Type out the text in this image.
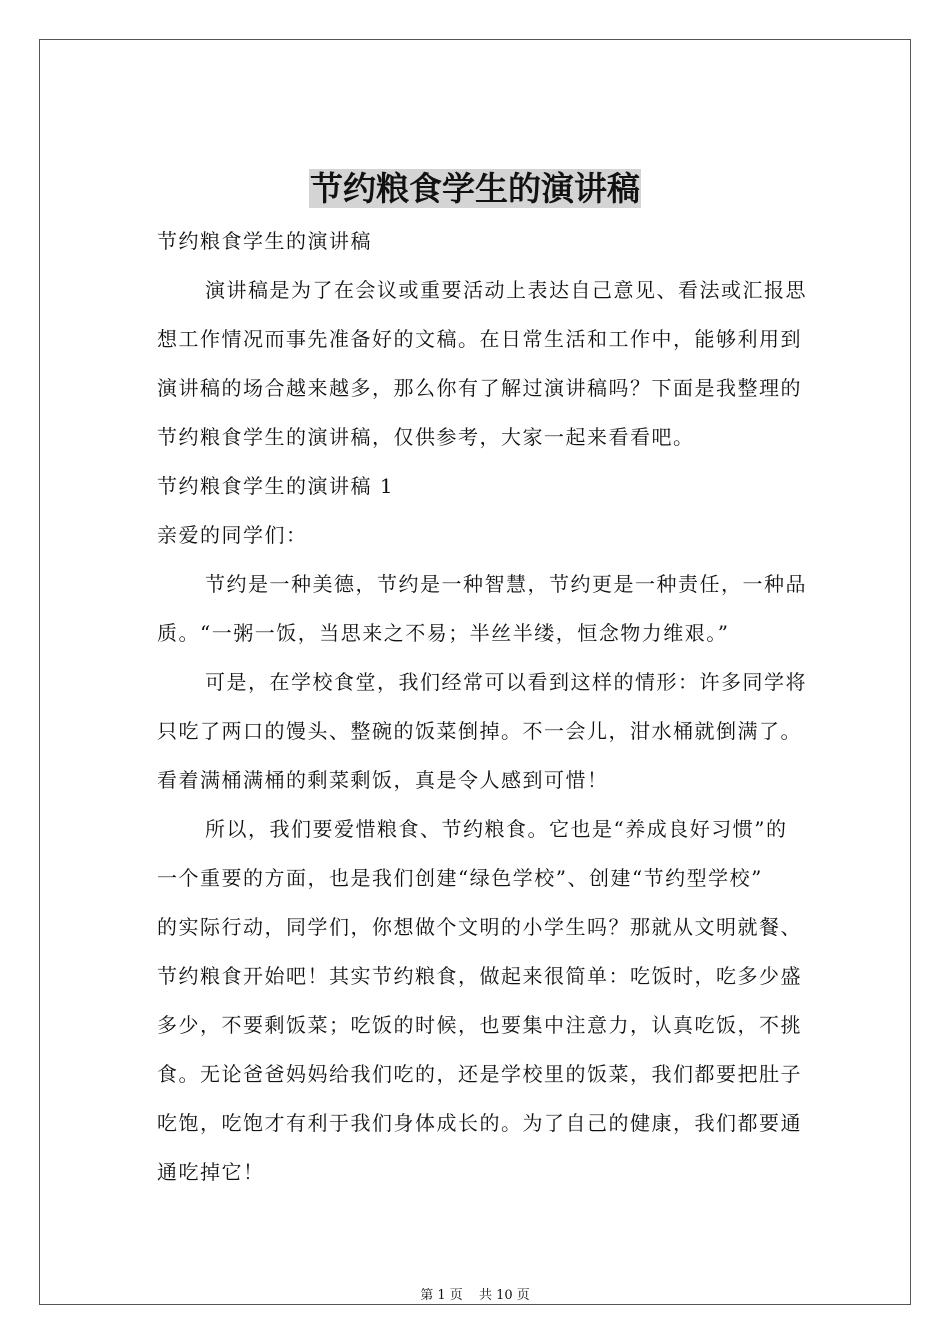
节约粮食学生的演讲稿
节约粮食学生的演讲稿
演讲稿是为了在会议或重要活动上表达自己意见、看法或汇报思
想工作情况而事先准备好的文稿。在日常生活和工作中，能够利用到
演讲稿的场合越来越多，那么你有了解过演讲稿吗？下面是我整理的
节约粮食学生的演讲稿，仅供参考，大家一起来看看吧。
节约粮食学生的演讲稿 1
亲爱的同学们：
节约是一种美德，节约是一种智慧，节约更是一种责任，一种品
质。“一粥一饭，当思来之不易；半丝半缕，恒念物力维艰。”
可是，在学校食堂，我们经常可以看到这样的情形：许多同学将
只吃了两口的馒头、整碗的饭菜倒掉。不一会儿，泔水桶就倒满了。
看着满桶满桶的剩菜剩饭，真是令人感到可惜！
所以，我们要爱惜粮食、节约粮食。它也是“养成良好习惯”的
一个重要的方面，也是我们创建“绿色学校”、创建“节约型学校”
的实际行动，同学们，你想做个文明的小学生吗？那就从文明就餐、
节约粮食开始吧！其实节约粮食，做起来很简单：吃饭时，吃多少盛
多少，不要剩饭菜；吃饭的时候，也要集中注意力，认真吃饭，不挑
食。无论爸爸妈妈给我们吃的，还是学校里的饭菜，我们都要把肚子
吃饱，吃饱才有利于我们身体成长的。为了自己的健康，我们都要通
通吃掉它！
第 1 页 共 10 页
